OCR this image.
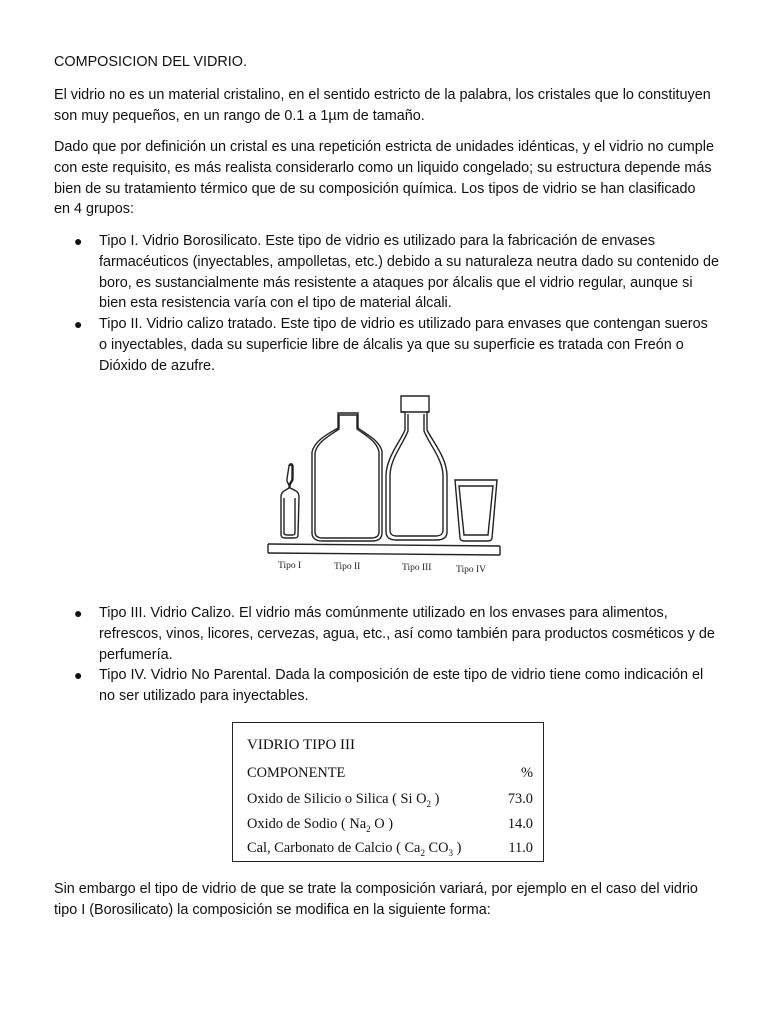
COMPOSICION DEL VIDRIO.

El vidrio no es un material cristalino, en el sentido estricto de la palabra, los cristales que lo constituyen son muy pequeños, en un rango de 0.1 a 1µm de tamaño.

Dado que por definición un cristal es una repetición estricta de unidades idénticas, y el vidrio no cumple con este requisito, es más realista considerarlo como un liquido congelado; su estructura depende más bien de su tratamiento térmico que de su composición química. Los tipos de vidrio se han clasificado en 4 grupos:

● Tipo I. Vidrio Borosilicato. Este tipo de vidrio es utilizado para la fabricación de envases farmacéuticos (inyectables, ampolletas, etc.) debido a su naturaleza neutra dado su contenido de boro, es sustancialmente más resistente a ataques por álcalis que el vidrio regular, aunque si bien esta resistencia varía con el tipo de material álcali.
● Tipo II. Vidrio calizo tratado. Este tipo de vidrio es utilizado para envases que contengan sueros o inyectables, dada su superficie libre de álcalis ya que su superficie es tratada con Freón o Dióxido de azufre.
Tipo I	Tipo II	Tipo III	Tipo IV
● Tipo III. Vidrio Calizo. El vidrio más comúnmente utilizado en los envases para alimentos, refrescos, vinos, licores, cervezas, agua, etc., así como también para productos cosméticos y de perfumería.
● Tipo IV. Vidrio No Parental. Dada la composición de este tipo de vidrio tiene como indicación el no ser utilizado para inyectables.
VIDRIO TIPO III
COMPONENTE	%
Oxido de Silicio o Silica ( Si $O_2$ )	73.0
Oxido de Sodio ( $Na_2$ O )	14.0
Cal, Carbonato de Calcio ( $Ca_2$ $CO_3$ )	11.0

Sin embargo el tipo de vidrio de que se trate la composición variará, por ejemplo en el caso del vidrio tipo I (Borosilicato) la composición se modifica en la siguiente forma:
